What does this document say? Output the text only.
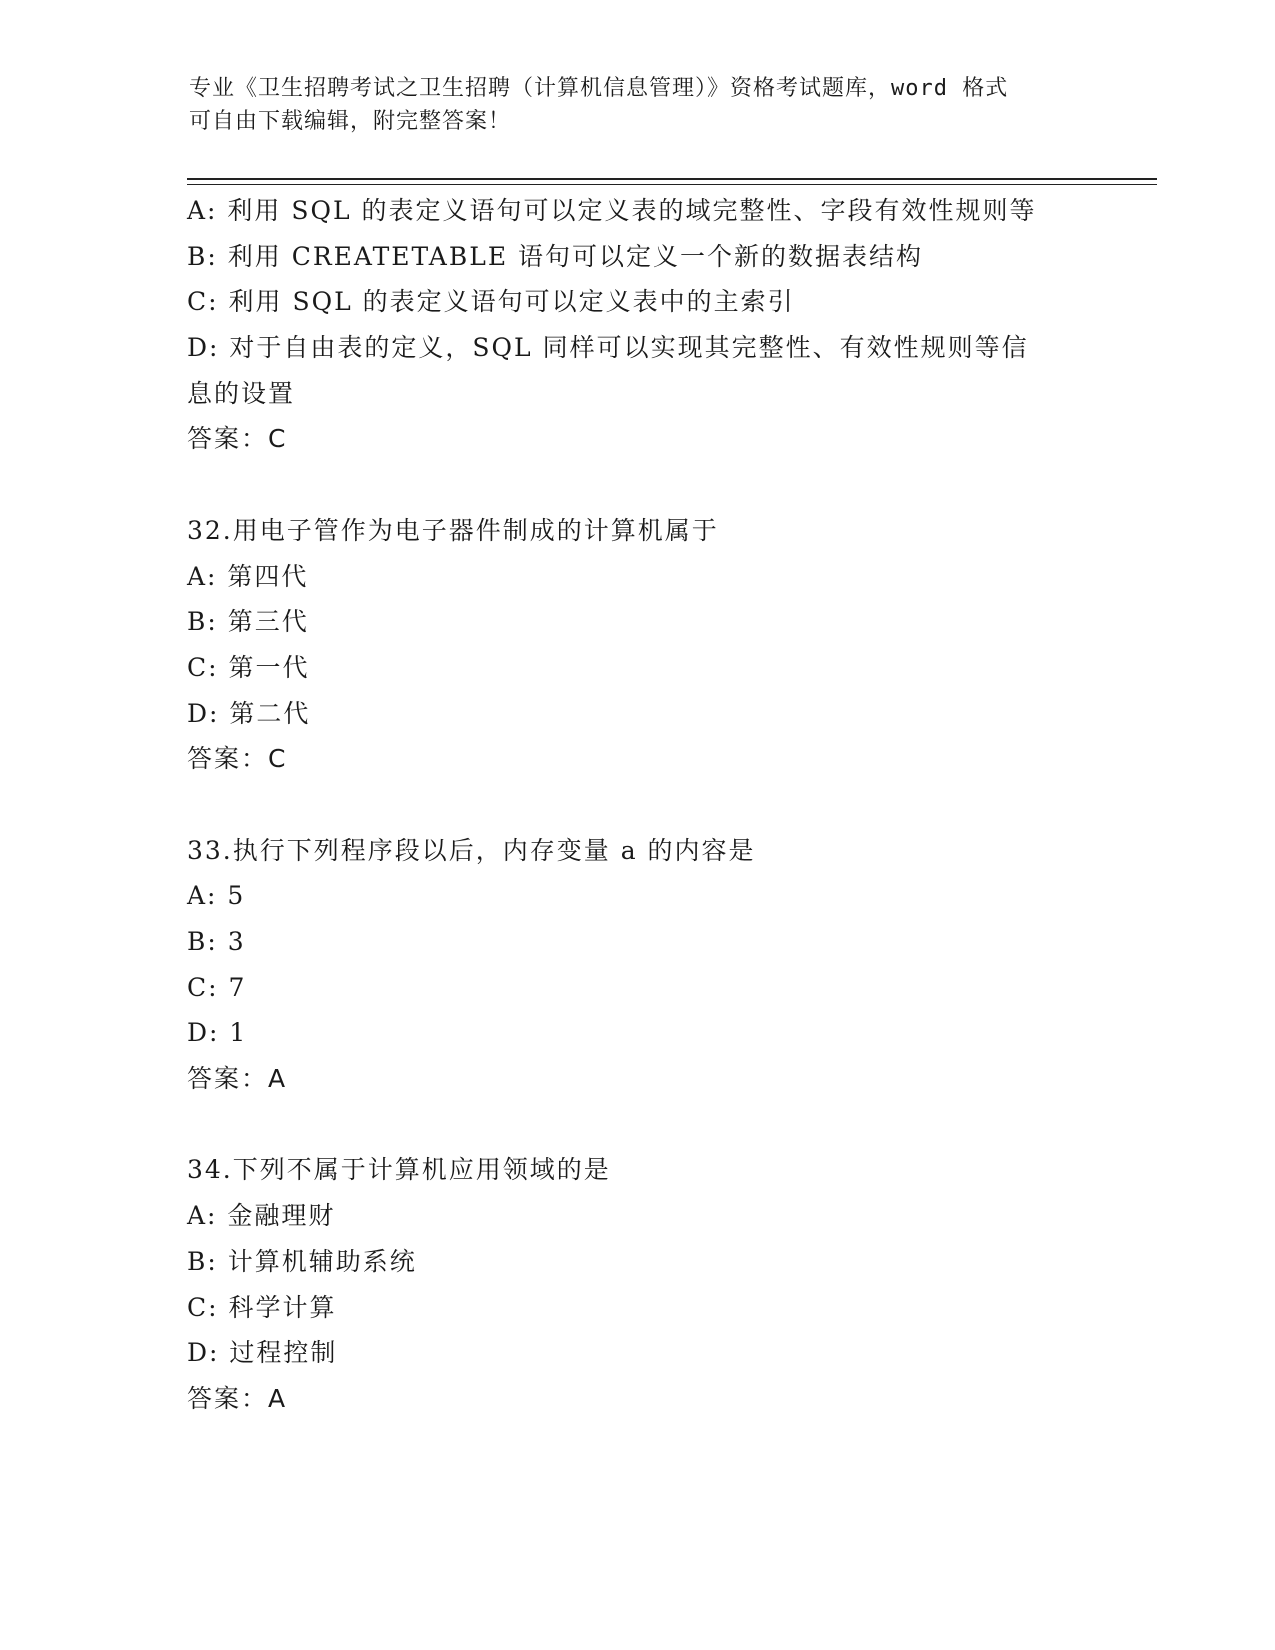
专业《卫生招聘考试之卫生招聘（计算机信息管理）》资格考试题库，word 格式
可自由下载编辑，附完整答案！
A: 利用 SQL 的表定义语句可以定义表的域完整性、字段有效性规则等
B: 利用 CREATETABLE 语句可以定义一个新的数据表结构
C: 利用 SQL 的表定义语句可以定义表中的主索引
D: 对于自由表的定义，SQL 同样可以实现其完整性、有效性规则等信
息的设置
答案：C
32.用电子管作为电子器件制成的计算机属于
A: 第四代
B: 第三代
C: 第一代
D: 第二代
答案：C
33.执行下列程序段以后，内存变量 a 的内容是
A: 5
B: 3
C: 7
D: 1
答案：A
34.下列不属于计算机应用领域的是
A: 金融理财
B: 计算机辅助系统
C: 科学计算
D: 过程控制
答案：A
